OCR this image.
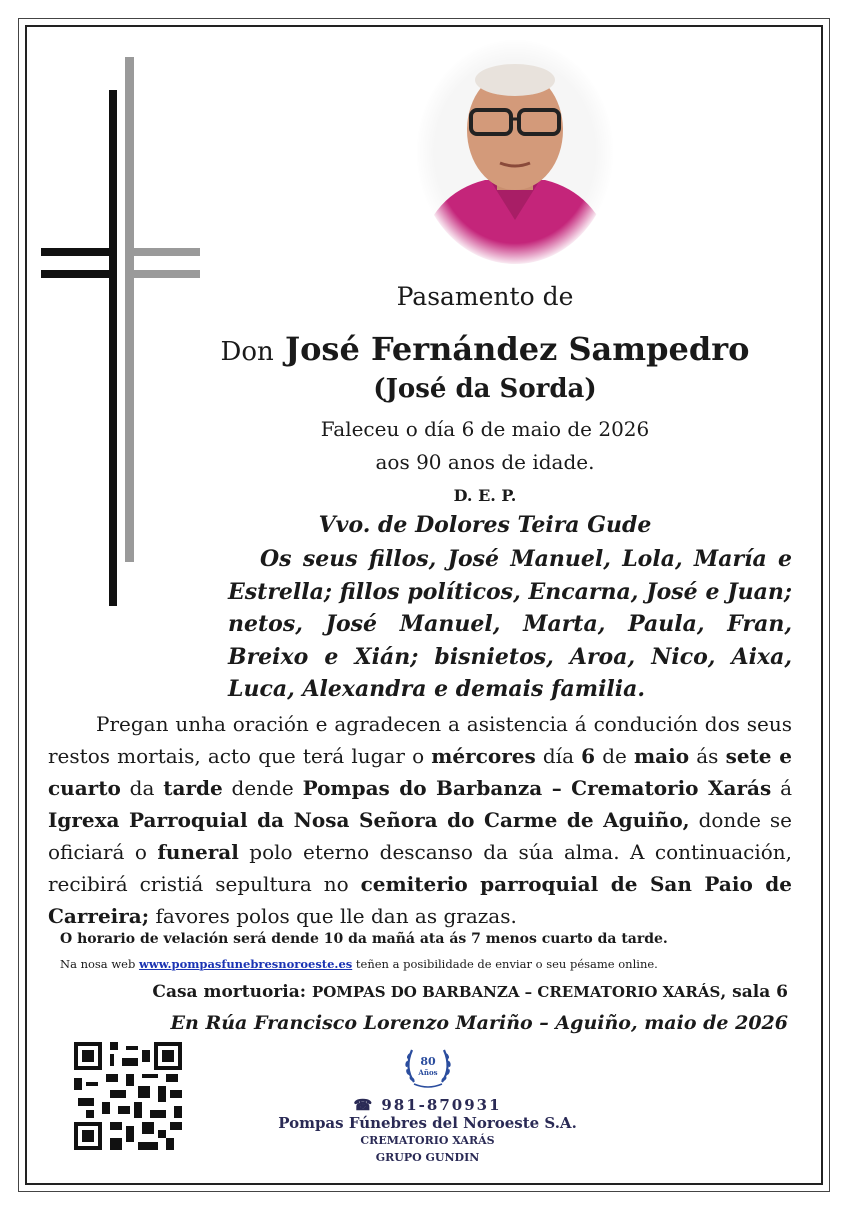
Pasamento de
Don José Fernández Sampedro
(José da Sorda)
Faleceu o día 6 de maio de 2026
aos 90 anos de idade.
D. E. P.
Vvo. de Dolores Teira Gude
Os seus fillos, José Manuel, Lola, María e Estrella; fillos políticos, Encarna, José e Juan; netos, José Manuel, Marta, Paula, Fran, Breixo e Xián; bisnietos, Aroa, Nico, Aixa, Luca, Alexandra e demais familia.
Pregan unha oración e agradecen a asistencia á condución dos seus restos mortais, acto que terá lugar o mércores día 6 de maio ás sete e cuarto da tarde dende Pompas do Barbanza – Crematorio Xarás á Igrexa Parroquial da Nosa Señora do Carme de Aguiño, donde se oficiará o funeral polo eterno descanso da súa alma. A continuación, recibirá cristiá sepultura no cemiterio parroquial de San Paio de Carreira; favores polos que lle dan as grazas.
O horario de velación será dende 10 da mañá ata ás 7 menos cuarto da tarde.
Na nosa web www.pompasfunebresnoroeste.es teñen a posibilidade de enviar o seu pésame online.
Casa mortuoria: POMPAS DO BARBANZA – CREMATORIO XARÁS, sala 6
En Rúa Francisco Lorenzo Mariño – Aguiño, maio de 2026
80
Años
☎ 981-870931
Pompas Fúnebres del Noroeste S.A.
CREMATORIO XARÁS
GRUPO GUNDIN
